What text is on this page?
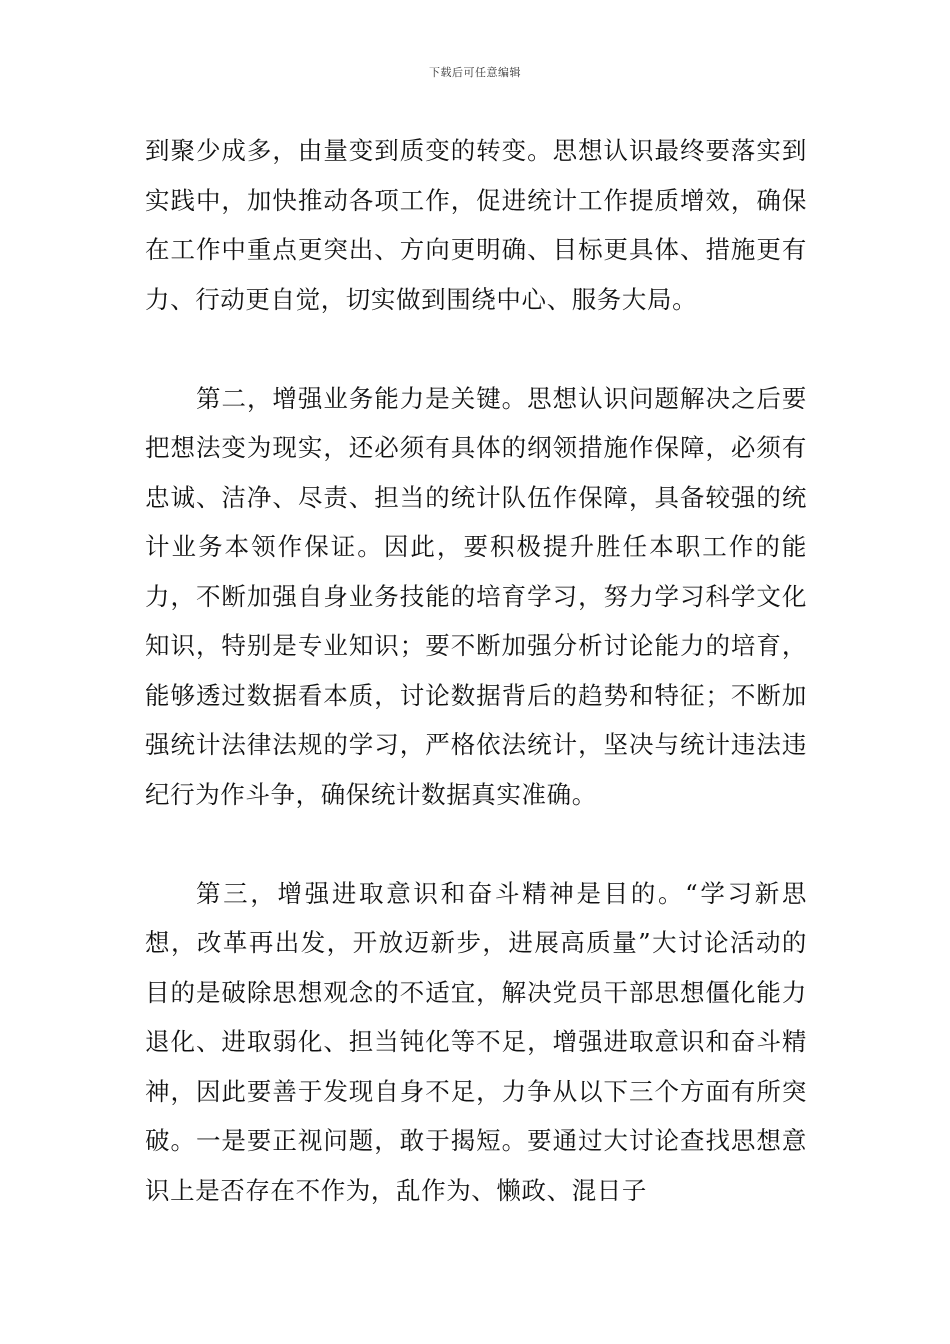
下载后可任意编辑

到聚少成多，由量变到质变的转变。思想认识最终要落实到实践中，加快推动各项工作，促进统计工作提质增效，确保在工作中重点更突出、方向更明确、目标更具体、措施更有力、行动更自觉，切实做到围绕中心、服务大局。

第二，增强业务能力是关键。思想认识问题解决之后要把想法变为现实，还必须有具体的纲领措施作保障，必须有忠诚、洁净、尽责、担当的统计队伍作保障，具备较强的统计业务本领作保证。因此，要积极提升胜任本职工作的能力，不断加强自身业务技能的培育学习，努力学习科学文化知识，特别是专业知识；要不断加强分析讨论能力的培育，能够透过数据看本质，讨论数据背后的趋势和特征；不断加强统计法律法规的学习，严格依法统计，坚决与统计违法违纪行为作斗争，确保统计数据真实准确。

第三，增强进取意识和奋斗精神是目的。“学习新思想，改革再出发，开放迈新步，进展高质量”大讨论活动的目的是破除思想观念的不适宜，解决党员干部思想僵化能力退化、进取弱化、担当钝化等不足，增强进取意识和奋斗精神，因此要善于发现自身不足，力争从以下三个方面有所突破。一是要正视问题，敢于揭短。要通过大讨论查找思想意识上是否存在不作为，乱作为、懒政、混日子
